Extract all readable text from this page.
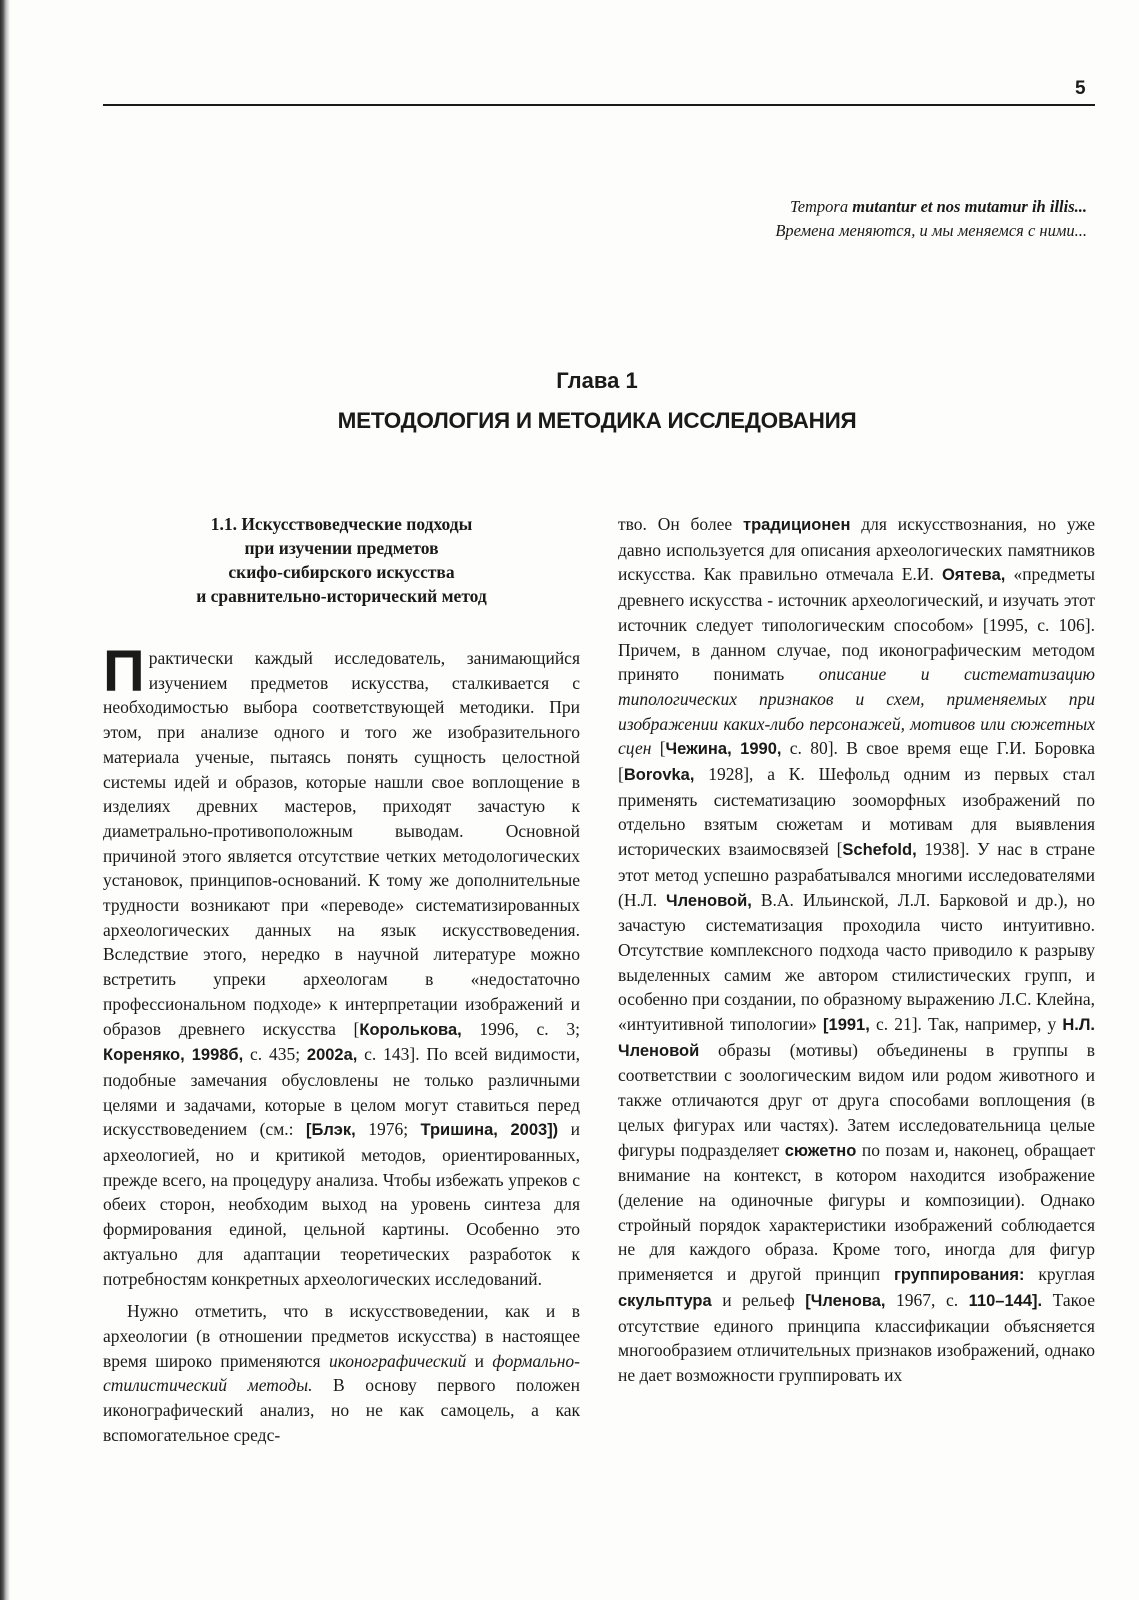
5
Tempora mutantur et nos mutamur ih illis...
Времена меняются, и мы меняемся с ними...
Глава 1
МЕТОДОЛОГИЯ И МЕТОДИКА ИССЛЕДОВАНИЯ
1.1. Искусствоведческие подходы
при изучении предметов
скифо-сибирского искусства
и сравнительно-исторический метод

Практически каждый исследователь, занимающийся изучением предметов искусства, сталкивается с необходимостью выбора соответствующей методики. При этом, при анализе одного и того же изобразительного материала ученые, пытаясь понять сущность целостной системы идей и образов, которые нашли свое воплощение в изделиях древних мастеров, приходят зачастую к диаметрально-противоположным выводам. Основной причиной этого является отсутствие четких методологических установок, принципов-оснований. К тому же дополнительные трудности возникают при «переводе» систематизированных археологических данных на язык искусствоведения. Вследствие этого, нередко в научной литературе можно встретить упреки археологам в «недостаточно профессиональном подходе» к интерпретации изображений и образов древнего искусства [Королькова, 1996, с. 3; Кореняко, 1998б, с. 435; 2002а, с. 143]. По всей видимости, подобные замечания обусловлены не только различными целями и задачами, которые в целом могут ставиться перед искусствоведением (см.: [Блэк, 1976; Тришина, 2003]) и археологией, но и критикой методов, ориентированных, прежде всего, на процедуру анализа. Чтобы избежать упреков с обеих сторон, необходим выход на уровень синтеза для формирования единой, цельной картины. Особенно это актуально для адаптации теоретических разработок к потребностям конкретных археологических исследований.

Нужно отметить, что в искусствоведении, как и в археологии (в отношении предметов искусства) в настоящее время широко применяются иконографический и формально-стилистический методы. В основу первого положен иконографический анализ, но не как самоцель, а как вспомогательное средс-

тво. Он более традиционен для искусствознания, но уже давно используется для описания археологических памятников искусства. Как правильно отмечала Е.И. Оятева, «предметы древнего искусства - источник археологический, и изучать этот источник следует типологическим способом» [1995, с. 106]. Причем, в данном случае, под иконографическим методом принято понимать описание и систематизацию типологических признаков и схем, применяемых при изображении каких-либо персонажей, мотивов или сюжетных сцен [Чежина, 1990, с. 80]. В свое время еще Г.И. Боровка [Borovka, 1928], а К. Шефольд одним из первых стал применять систематизацию зооморфных изображений по отдельно взятым сюжетам и мотивам для выявления исторических взаимосвязей [Schefold, 1938]. У нас в стране этот метод успешно разрабатывался многими исследователями (Н.Л. Членовой, В.А. Ильинской, Л.Л. Барковой и др.), но зачастую систематизация проходила чисто интуитивно. Отсутствие комплексного подхода часто приводило к разрыву выделенных самим же автором стилистических групп, и особенно при создании, по образному выражению Л.С. Клейна, «интуитивной типологии» [1991, с. 21]. Так, например, у Н.Л. Членовой образы (мотивы) объединены в группы в соответствии с зоологическим видом или родом животного и также отличаются друг от друга способами воплощения (в целых фигурах или частях). Затем исследовательница целые фигуры подразделяет сюжетно по позам и, наконец, обращает внимание на контекст, в котором находится изображение (деление на одиночные фигуры и композиции). Однако стройный порядок характеристики изображений соблюдается не для каждого образа. Кроме того, иногда для фигур применяется и другой принцип группирования: круглая скульптура и рельеф [Членова, 1967, с. 110–144]. Такое отсутствие единого принципа классификации объясняется многообразием отличительных признаков изображений, однако не дает возможности группировать их
